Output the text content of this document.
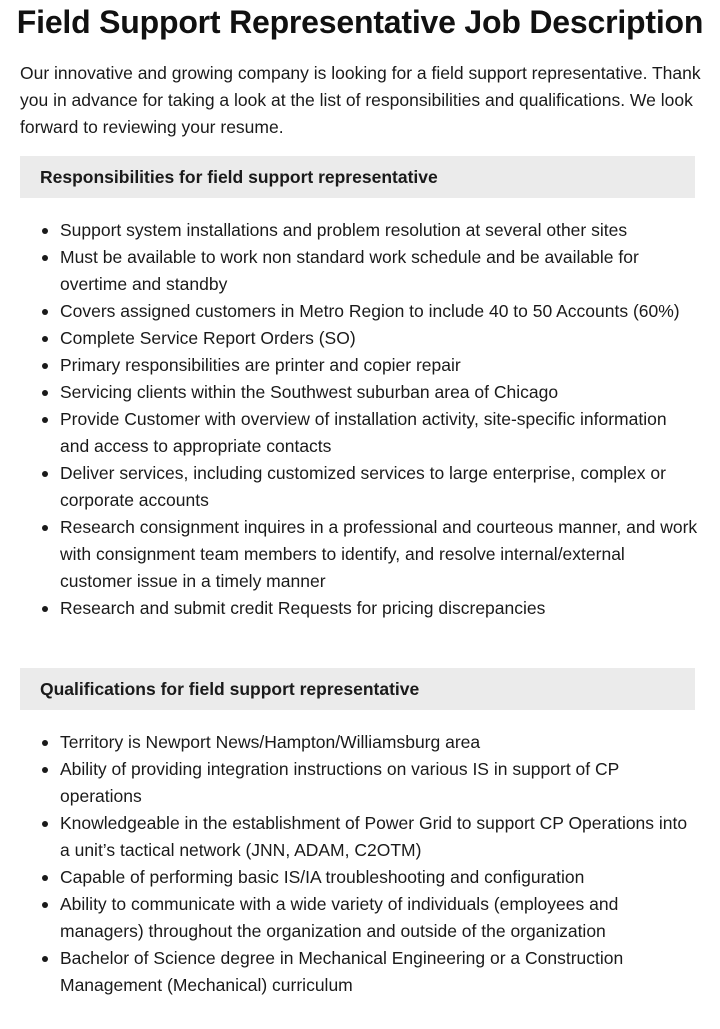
Field Support Representative Job Description

Our innovative and growing company is looking for a field support representative. Thank you in advance for taking a look at the list of responsibilities and qualifications. We look forward to reviewing your resume.

Responsibilities for field support representative
Support system installations and problem resolution at several other sites
Must be available to work non standard work schedule and be available for overtime and standby
Covers assigned customers in Metro Region to include 40 to 50 Accounts (60%)
Complete Service Report Orders (SO)
Primary responsibilities are printer and copier repair
Servicing clients within the Southwest suburban area of Chicago
Provide Customer with overview of installation activity, site-specific information and access to appropriate contacts
Deliver services, including customized services to large enterprise, complex or corporate accounts
Research consignment inquires in a professional and courteous manner, and work with consignment team members to identify, and resolve internal/external customer issue in a timely manner
Research and submit credit Requests for pricing discrepancies
Qualifications for field support representative
Territory is Newport News/Hampton/Williamsburg area
Ability of providing integration instructions on various IS in support of CP operations
Knowledgeable in the establishment of Power Grid to support CP Operations into a unit’s tactical network (JNN, ADAM, C2OTM)
Capable of performing basic IS/IA troubleshooting and configuration
Ability to communicate with a wide variety of individuals (employees and managers) throughout the organization and outside of the organization
Bachelor of Science degree in Mechanical Engineering or a Construction Management (Mechanical) curriculum
